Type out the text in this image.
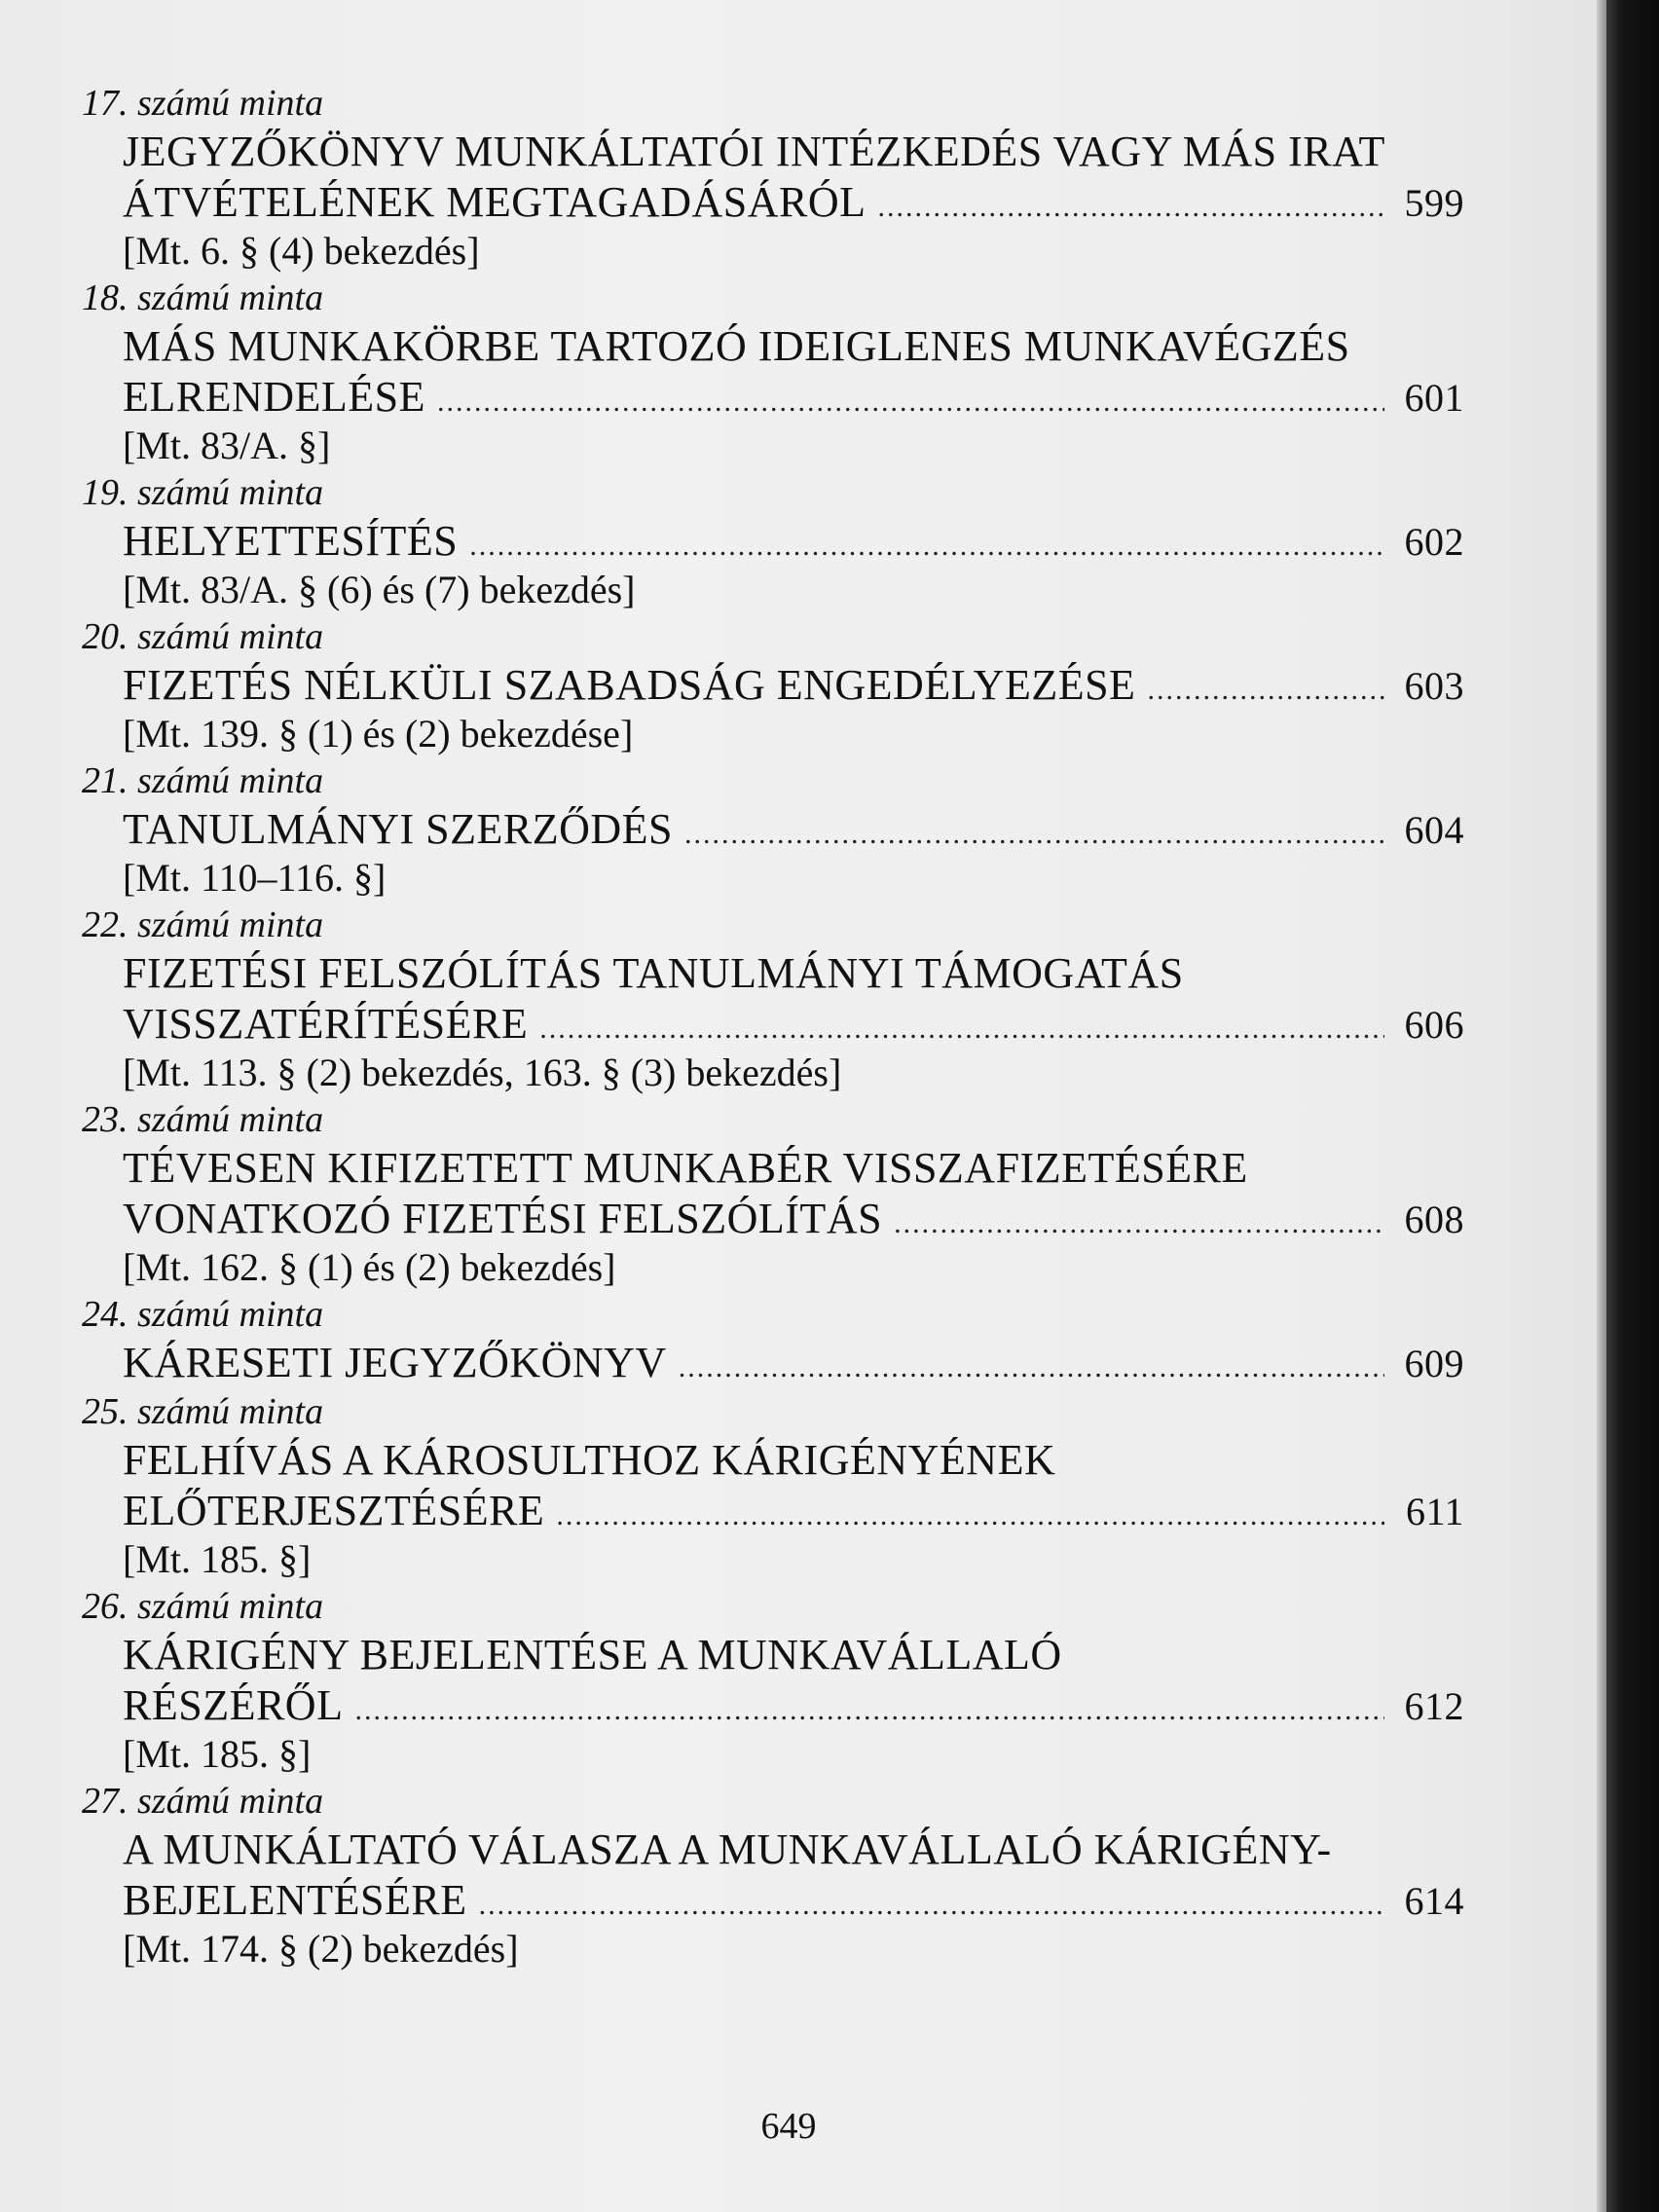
17. számú minta
JEGYZŐKÖNYV MUNKÁLTATÓI INTÉZKEDÉS VAGY MÁS IRAT
ÁTVÉTELÉNEK MEGTAGADÁSÁRÓL .....	599
[Mt. 6. § (4) bekezdés]
18. számú minta
MÁS MUNKAKÖRBE TARTOZÓ IDEIGLENES MUNKAVÉGZÉS
ELRENDELÉSE .....	601
[Mt. 83/A. §]
19. számú minta
HELYETTESÍTÉS .....	602
[Mt. 83/A. § (6) és (7) bekezdés]
20. számú minta
FIZETÉS NÉLKÜLI SZABADSÁG ENGEDÉLYEZÉSE .....	603
[Mt. 139. § (1) és (2) bekezdése]
21. számú minta
TANULMÁNYI SZERZŐDÉS .....	604
[Mt. 110–116. §]
22. számú minta
FIZETÉSI FELSZÓLÍTÁS TANULMÁNYI TÁMOGATÁS
VISSZATÉRÍTÉSÉRE .....	606
[Mt. 113. § (2) bekezdés, 163. § (3) bekezdés]
23. számú minta
TÉVESEN KIFIZETETT MUNKABÉR VISSZAFIZETÉSÉRE
VONATKOZÓ FIZETÉSI FELSZÓLÍTÁS .....	608
[Mt. 162. § (1) és (2) bekezdés]
24. számú minta
KÁRESETI JEGYZŐKÖNYV .....	609
25. számú minta
FELHÍVÁS A KÁROSULTHOZ KÁRIGÉNYÉNEK
ELŐTERJESZTÉSÉRE .....	611
[Mt. 185. §]
26. számú minta
KÁRIGÉNY BEJELENTÉSE A MUNKAVÁLLALÓ
RÉSZÉRŐL .....	612
[Mt. 185. §]
27. számú minta
A MUNKÁLTATÓ VÁLASZA A MUNKAVÁLLALÓ KÁRIGÉNY-
BEJELENTÉSÉRE .....	614
[Mt. 174. § (2) bekezdés]
649
